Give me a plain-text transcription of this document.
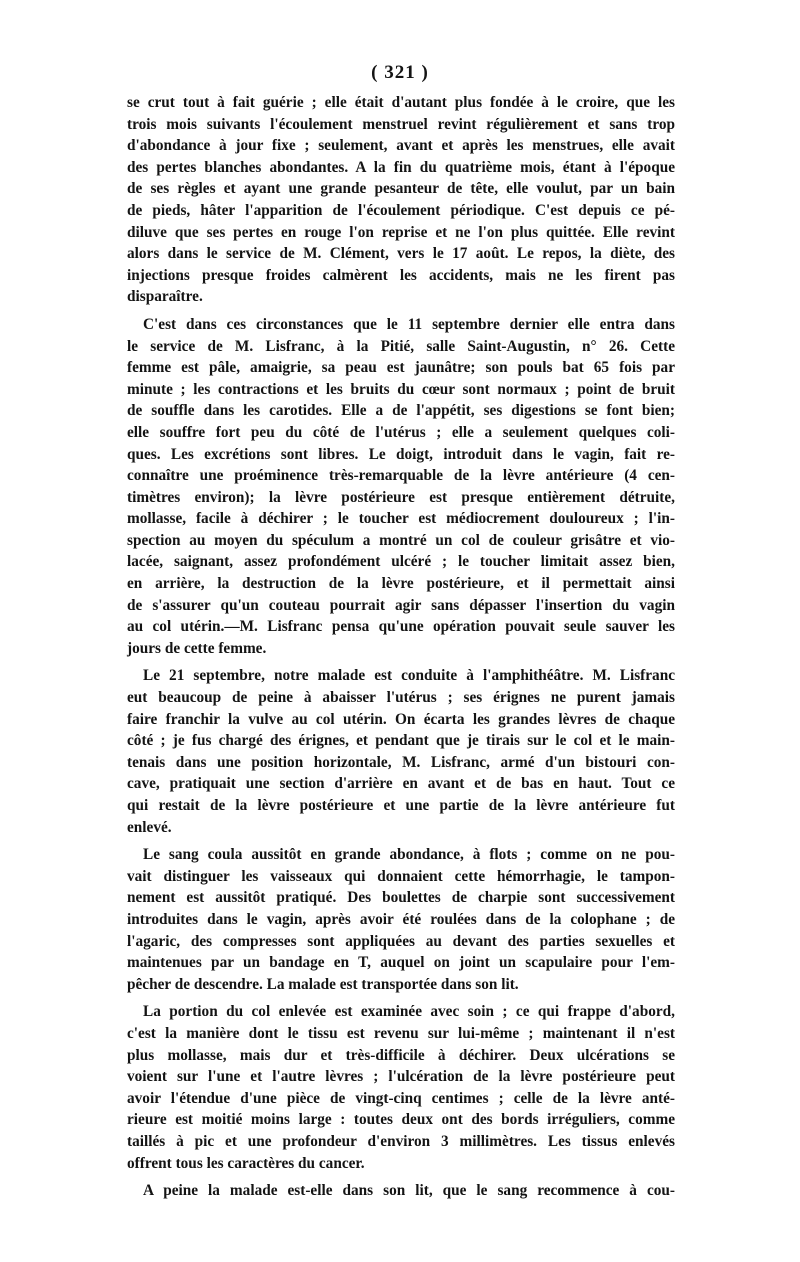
( 321 )
se crut tout à fait guérie ; elle était d'autant plus fondée à le croire, que les
trois mois suivants l'écoulement menstruel revint régulièrement et sans trop
d'abondance à jour fixe ; seulement, avant et après les menstrues, elle avait
des pertes blanches abondantes. A la fin du quatrième mois, étant à l'époque
de ses règles et ayant une grande pesanteur de tête, elle voulut, par un bain
de pieds, hâter l'apparition de l'écoulement périodique. C'est depuis ce pé-
diluve que ses pertes en rouge l'on reprise et ne l'on plus quittée. Elle revint
alors dans le service de M. Clément, vers le 17 août. Le repos, la diète, des
injections presque froides calmèrent les accidents, mais ne les firent pas
disparaître.
C'est dans ces circonstances que le 11 septembre dernier elle entra dans
le service de M. Lisfranc, à la Pitié, salle Saint-Augustin, n° 26. Cette
femme est pâle, amaigrie, sa peau est jaunâtre; son pouls bat 65 fois par
minute ; les contractions et les bruits du cœur sont normaux ; point de bruit
de souffle dans les carotides. Elle a de l'appétit, ses digestions se font bien;
elle souffre fort peu du côté de l'utérus ; elle a seulement quelques coli-
ques. Les excrétions sont libres. Le doigt, introduit dans le vagin, fait re-
connaître une proéminence très-remarquable de la lèvre antérieure (4 cen-
timètres environ); la lèvre postérieure est presque entièrement détruite,
mollasse, facile à déchirer ; le toucher est médiocrement douloureux ; l'in-
spection au moyen du spéculum a montré un col de couleur grisâtre et vio-
lacée, saignant, assez profondément ulcéré ; le toucher limitait assez bien,
en arrière, la destruction de la lèvre postérieure, et il permettait ainsi
de s'assurer qu'un couteau pourrait agir sans dépasser l'insertion du vagin
au col utérin.—M. Lisfranc pensa qu'une opération pouvait seule sauver les
jours de cette femme.
Le 21 septembre, notre malade est conduite à l'amphithéâtre. M. Lisfranc
eut beaucoup de peine à abaisser l'utérus ; ses érignes ne purent jamais
faire franchir la vulve au col utérin. On écarta les grandes lèvres de chaque
côté ; je fus chargé des érignes, et pendant que je tirais sur le col et le main-
tenais dans une position horizontale, M. Lisfranc, armé d'un bistouri con-
cave, pratiquait une section d'arrière en avant et de bas en haut. Tout ce
qui restait de la lèvre postérieure et une partie de la lèvre antérieure fut
enlevé.
Le sang coula aussitôt en grande abondance, à flots ; comme on ne pou-
vait distinguer les vaisseaux qui donnaient cette hémorrhagie, le tampon-
nement est aussitôt pratiqué. Des boulettes de charpie sont successivement
introduites dans le vagin, après avoir été roulées dans de la colophane ; de
l'agaric, des compresses sont appliquées au devant des parties sexuelles et
maintenues par un bandage en T, auquel on joint un scapulaire pour l'em-
pêcher de descendre. La malade est transportée dans son lit.
La portion du col enlevée est examinée avec soin ; ce qui frappe d'abord,
c'est la manière dont le tissu est revenu sur lui-même ; maintenant il n'est
plus mollasse, mais dur et très-difficile à déchirer. Deux ulcérations se
voient sur l'une et l'autre lèvres ; l'ulcération de la lèvre postérieure peut
avoir l'étendue d'une pièce de vingt-cinq centimes ; celle de la lèvre anté-
rieure est moitié moins large : toutes deux ont des bords irréguliers, comme
taillés à pic et une profondeur d'environ 3 millimètres. Les tissus enlevés
offrent tous les caractères du cancer.
A peine la malade est-elle dans son lit, que le sang recommence à cou-
